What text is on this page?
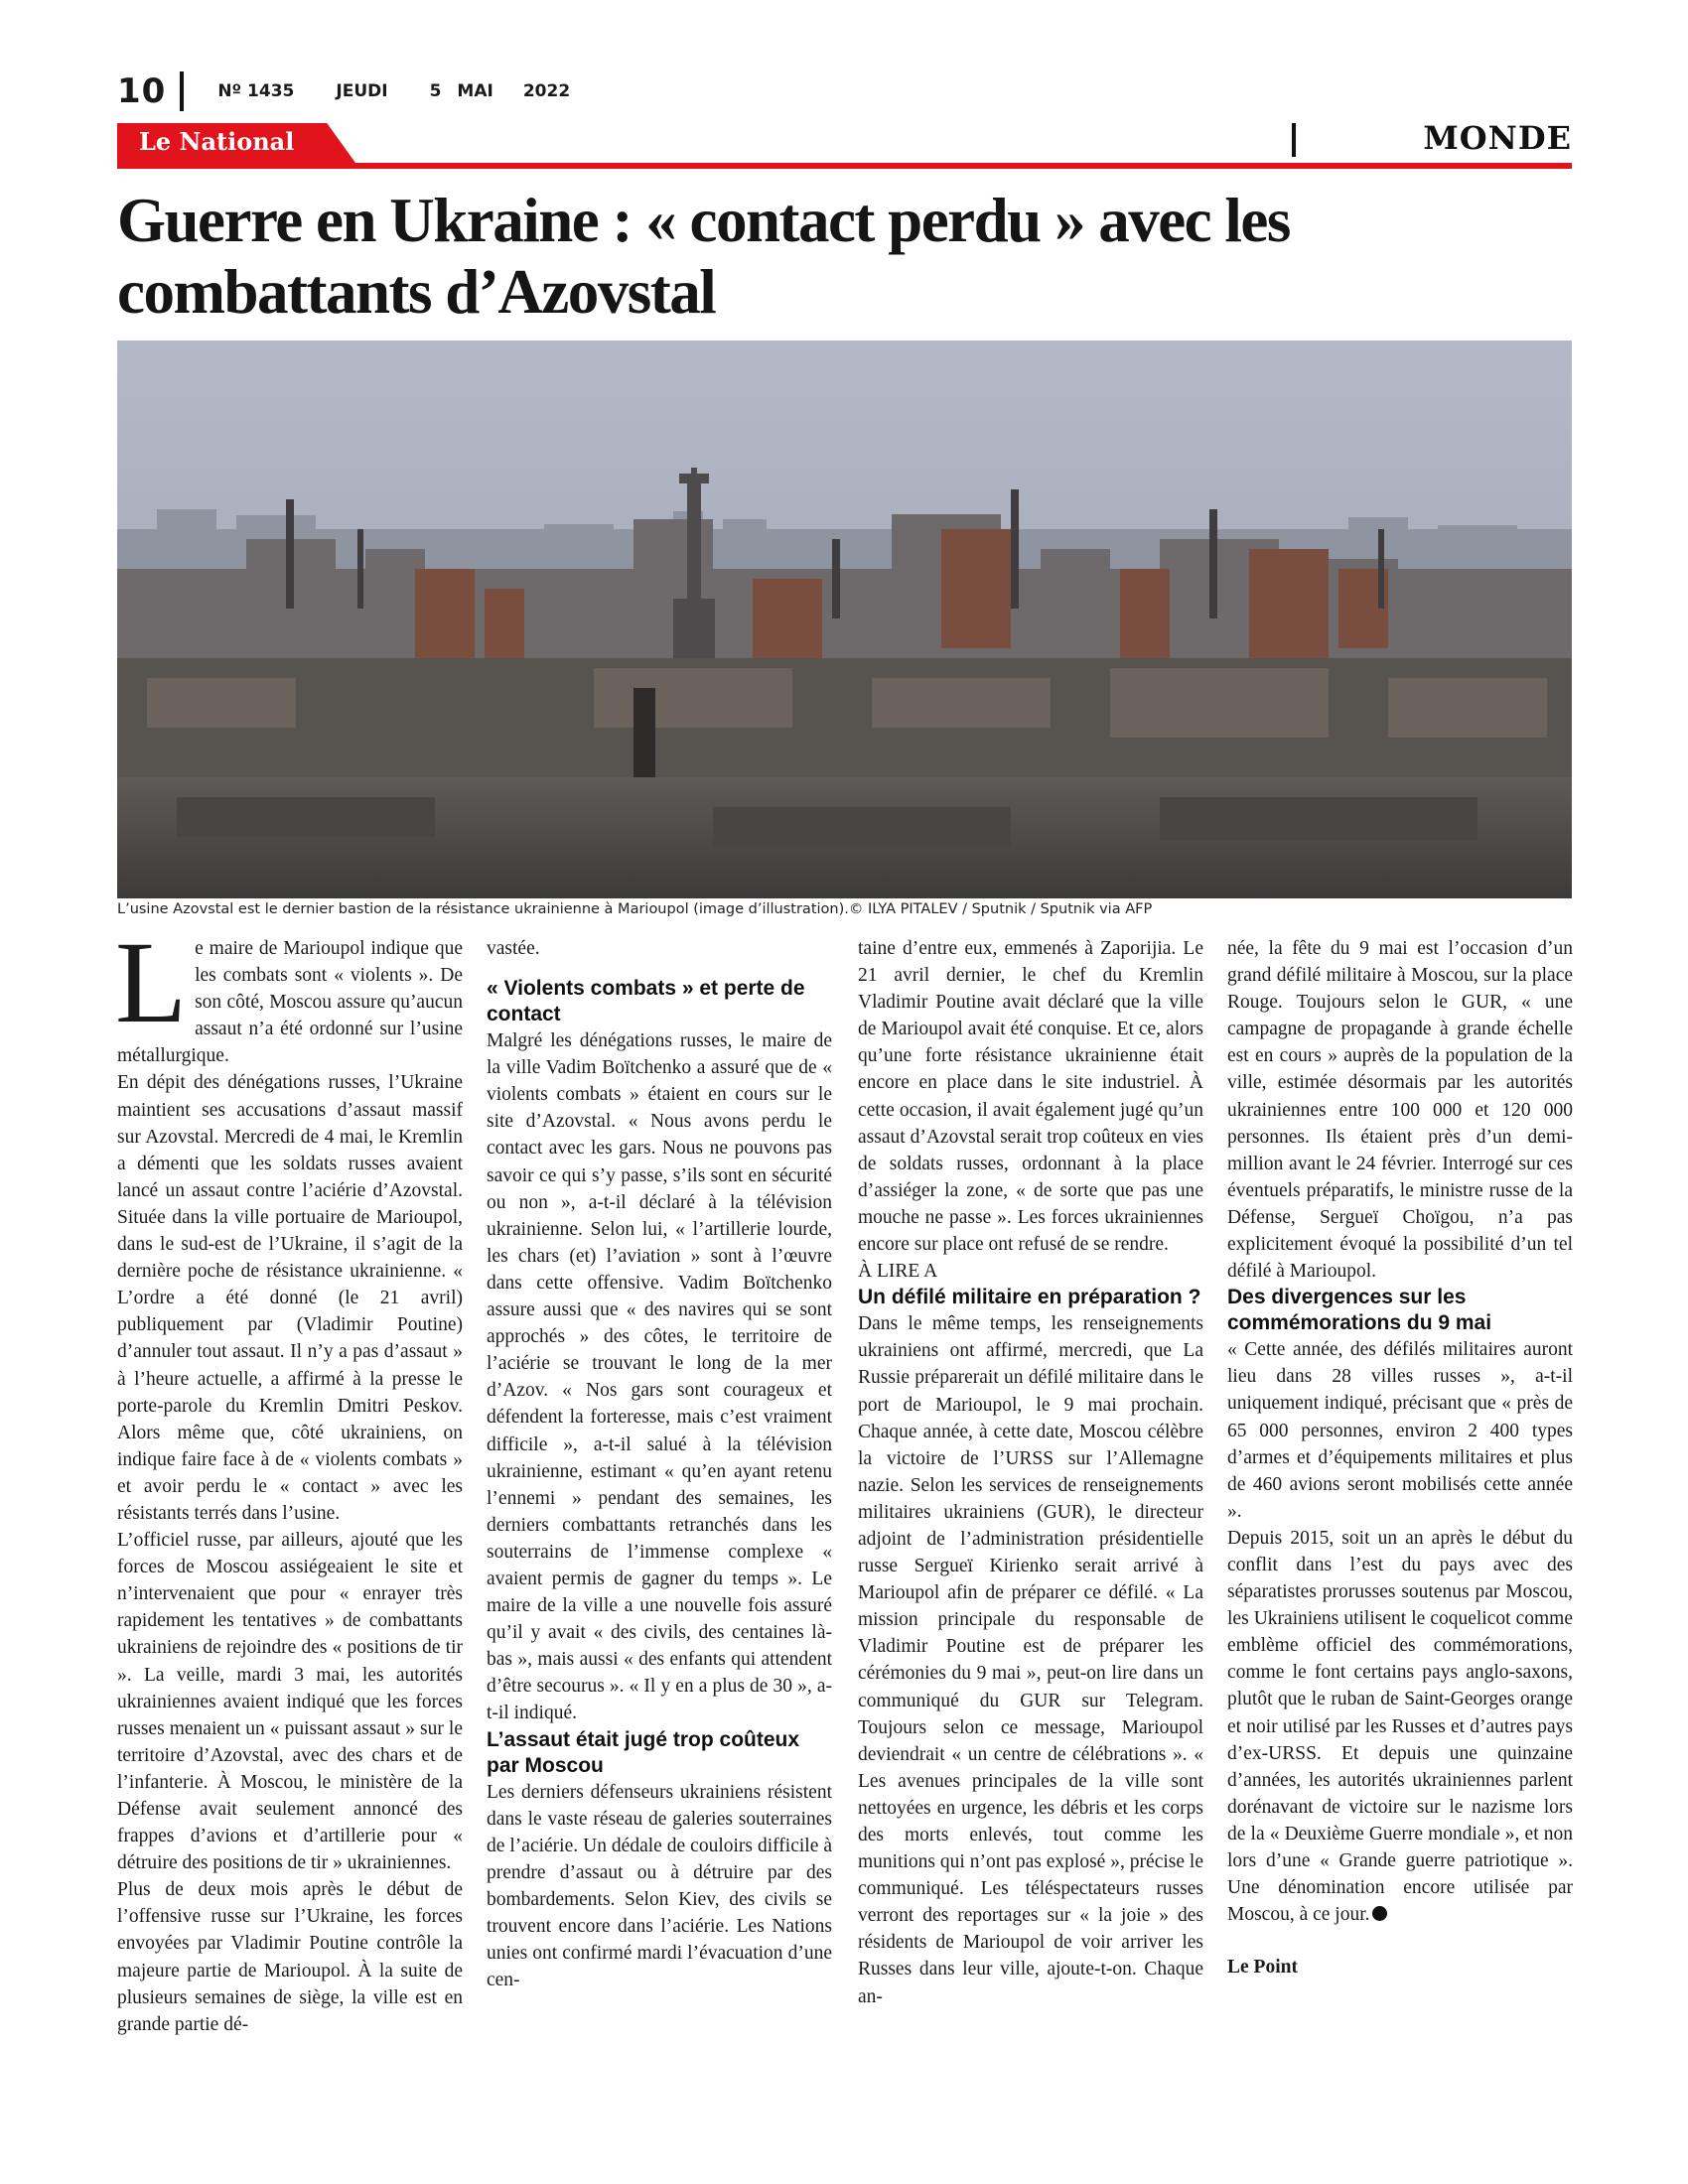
10	Nº 1435 JEUDI 5 MAI 2022
Le National	MONDE
Guerre en Ukraine : « contact perdu » avec les combattants d’Azovstal
L’usine Azovstal est le dernier bastion de la résistance ukrainienne à Marioupol (image d’illustration).© ILYA PITALEV / Sputnik / Sputnik via AFP

Le maire de Marioupol indique que les combats sont « violents ». De son côté, Moscou assure qu’aucun assaut n’a été ordonné sur l’usine métallurgique.

En dépit des dénégations russes, l’Ukraine maintient ses accusations d’assaut massif sur Azovstal. Mercredi de 4 mai, le Kremlin a démenti que les soldats russes avaient lancé un assaut contre l’aciérie d’Azovstal. Située dans la ville portuaire de Marioupol, dans le sud-est de l’Ukraine, il s’agit de la dernière poche de résistance ukrainienne. « L’ordre a été donné (le 21 avril) publiquement par (Vladimir Poutine) d’annuler tout assaut. Il n’y a pas d’assaut » à l’heure actuelle, a affirmé à la presse le porte-parole du Kremlin Dmitri Peskov. Alors même que, côté ukrainiens, on indique faire face à de « violents combats » et avoir perdu le « contact » avec les résistants terrés dans l’usine.

L’officiel russe, par ailleurs, ajouté que les forces de Moscou assiégeaient le site et n’intervenaient que pour « enrayer très rapidement les tentatives » de combattants ukrainiens de rejoindre des « positions de tir ». La veille, mardi 3 mai, les autorités ukrainiennes avaient indiqué que les forces russes menaient un « puissant assaut » sur le territoire d’Azovstal, avec des chars et de l’infanterie. À Moscou, le ministère de la Défense avait seulement annoncé des frappes d’avions et d’artillerie pour « détruire des positions de tir » ukrainiennes.

Plus de deux mois après le début de l’offensive russe sur l’Ukraine, les forces envoyées par Vladimir Poutine contrôle la majeure partie de Marioupol. À la suite de plusieurs semaines de siège, la ville est en grande partie dé-

vastée.

« Violents combats » et perte de contact

Malgré les dénégations russes, le maire de la ville Vadim Boïtchenko a assuré que de « violents combats » étaient en cours sur le site d’Azovstal. « Nous avons perdu le contact avec les gars. Nous ne pouvons pas savoir ce qui s’y passe, s’ils sont en sécurité ou non », a-t-il déclaré à la télévision ukrainienne. Selon lui, « l’artillerie lourde, les chars (et) l’aviation » sont à l’œuvre dans cette offensive. Vadim Boïtchenko assure aussi que « des navires qui se sont approchés » des côtes, le territoire de l’aciérie se trouvant le long de la mer d’Azov. « Nos gars sont courageux et défendent la forteresse, mais c’est vraiment difficile », a-t-il salué à la télévision ukrainienne, estimant « qu’en ayant retenu l’ennemi » pendant des semaines, les derniers combattants retranchés dans les souterrains de l’immense complexe « avaient permis de gagner du temps ». Le maire de la ville a une nouvelle fois assuré qu’il y avait « des civils, des centaines là-bas », mais aussi « des enfants qui attendent d’être secourus ». « Il y en a plus de 30 », a-t-il indiqué.

L’assaut était jugé trop coûteux par Moscou

Les derniers défenseurs ukrainiens résistent dans le vaste réseau de galeries souterraines de l’aciérie. Un dédale de couloirs difficile à prendre d’assaut ou à détruire par des bombardements. Selon Kiev, des civils se trouvent encore dans l’aciérie. Les Nations unies ont confirmé mardi l’évacuation d’une cen-

taine d’entre eux, emmenés à Zaporijia. Le 21 avril dernier, le chef du Kremlin Vladimir Poutine avait déclaré que la ville de Marioupol avait été conquise. Et ce, alors qu’une forte résistance ukrainienne était encore en place dans le site industriel. À cette occasion, il avait également jugé qu’un assaut d’Azovstal serait trop coûteux en vies de soldats russes, ordonnant à la place d’assiéger la zone, « de sorte que pas une mouche ne passe ». Les forces ukrainiennes encore sur place ont refusé de se rendre.

À LIRE A

Un défilé militaire en préparation ?

Dans le même temps, les renseignements ukrainiens ont affirmé, mercredi, que La Russie préparerait un défilé militaire dans le port de Marioupol, le 9 mai prochain. Chaque année, à cette date, Moscou célèbre la victoire de l’URSS sur l’Allemagne nazie. Selon les services de renseignements militaires ukrainiens (GUR), le directeur adjoint de l’administration présidentielle russe Sergueï Kirienko serait arrivé à Marioupol afin de préparer ce défilé. « La mission principale du responsable de Vladimir Poutine est de préparer les cérémonies du 9 mai », peut-on lire dans un communiqué du GUR sur Telegram. Toujours selon ce message, Marioupol deviendrait « un centre de célébrations ». « Les avenues principales de la ville sont nettoyées en urgence, les débris et les corps des morts enlevés, tout comme les munitions qui n’ont pas explosé », précise le communiqué. Les téléspectateurs russes verront des reportages sur « la joie » des résidents de Marioupol de voir arriver les Russes dans leur ville, ajoute-t-on. Chaque an-

née, la fête du 9 mai est l’occasion d’un grand défilé militaire à Moscou, sur la place Rouge. Toujours selon le GUR, « une campagne de propagande à grande échelle est en cours » auprès de la population de la ville, estimée désormais par les autorités ukrainiennes entre 100 000 et 120 000 personnes. Ils étaient près d’un demi-million avant le 24 février. Interrogé sur ces éventuels préparatifs, le ministre russe de la Défense, Sergueï Choïgou, n’a pas explicitement évoqué la possibilité d’un tel défilé à Marioupol.

Des divergences sur les commémorations du 9 mai

« Cette année, des défilés militaires auront lieu dans 28 villes russes », a-t-il uniquement indiqué, précisant que « près de 65 000 personnes, environ 2 400 types d’armes et d’équipements militaires et plus de 460 avions seront mobilisés cette année ».

Depuis 2015, soit un an après le début du conflit dans l’est du pays avec des séparatistes prorusses soutenus par Moscou, les Ukrainiens utilisent le coquelicot comme emblème officiel des commémorations, comme le font certains pays anglo-saxons, plutôt que le ruban de Saint-Georges orange et noir utilisé par les Russes et d’autres pays d’ex-URSS. Et depuis une quinzaine d’années, les autorités ukrainiennes parlent dorénavant de victoire sur le nazisme lors de la « Deuxième Guerre mondiale », et non lors d’une « Grande guerre patriotique ». Une dénomination encore utilisée par Moscou, à ce jour.

Le Point
